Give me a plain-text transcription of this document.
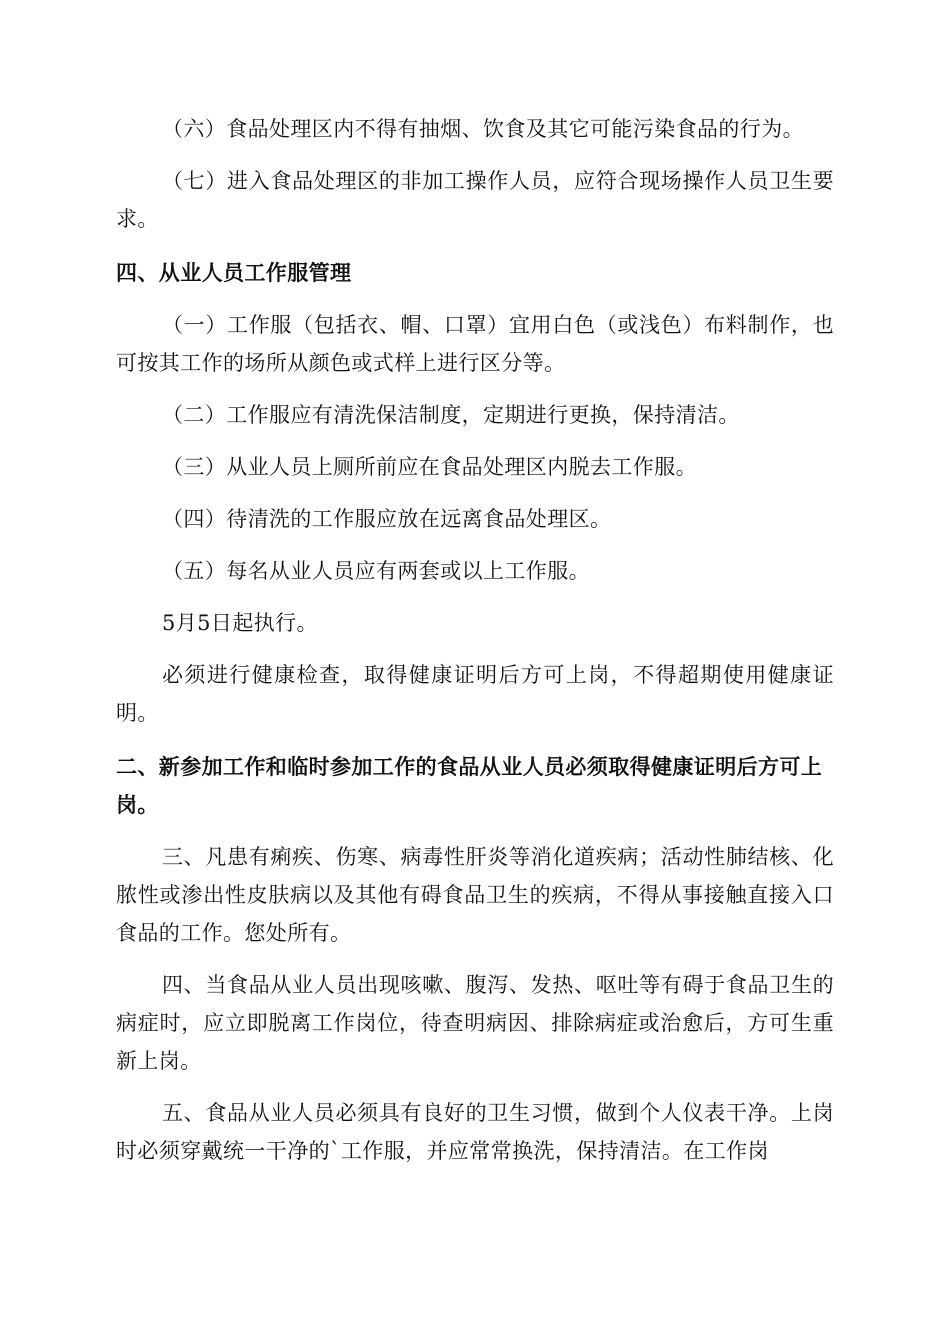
（六）食品处理区内不得有抽烟、饮食及其它可能污染食品的行为。

（七）进入食品处理区的非加工操作人员，应符合现场操作人员卫生要求。

四、从业人员工作服管理

（一）工作服（包括衣、帽、口罩）宜用白色（或浅色）布料制作，也可按其工作的场所从颜色或式样上进行区分等。

（二）工作服应有清洗保洁制度，定期进行更换，保持清洁。

（三）从业人员上厕所前应在食品处理区内脱去工作服。

（四）待清洗的工作服应放在远离食品处理区。

（五）每名从业人员应有两套或以上工作服。

5月5日起执行。

必须进行健康检查，取得健康证明后方可上岗，不得超期使用健康证明。

二、新参加工作和临时参加工作的食品从业人员必须取得健康证明后方可上岗。

三、凡患有痢疾、伤寒、病毒性肝炎等消化道疾病；活动性肺结核、化脓性或渗出性皮肤病以及其他有碍食品卫生的疾病，不得从事接触直接入口食品的工作。您处所有。

四、当食品从业人员出现咳嗽、腹泻、发热、呕吐等有碍于食品卫生的病症时，应立即脱离工作岗位，待查明病因、排除病症或治愈后，方可生重新上岗。

五、食品从业人员必须具有良好的卫生习惯，做到个人仪表干净。上岗时必须穿戴统一干净的`工作服，并应常常换洗，保持清洁。在工作岗
